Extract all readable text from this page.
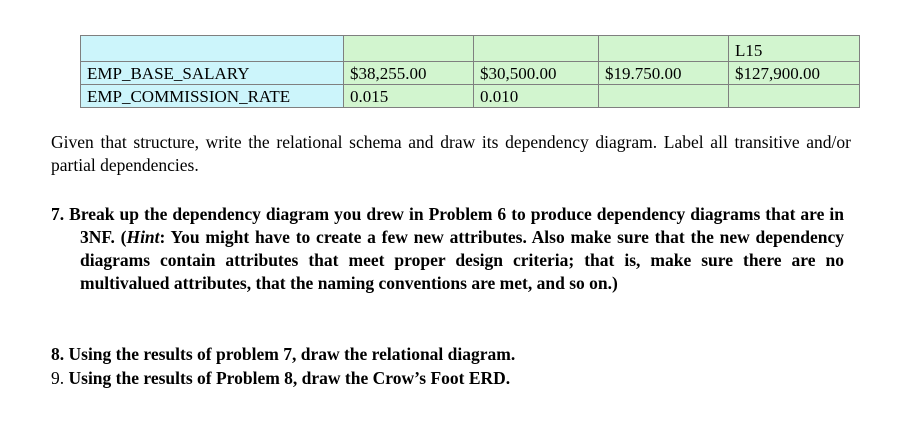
				L15
EMP_BASE_SALARY	$38,255.00	$30,500.00	$19.750.00	$127,900.00
EMP_COMMISSION_RATE	0.015	0.010		

Given that structure, write the relational schema and draw its dependency diagram. Label all transitive and/or partial dependencies.

7. Break up the dependency diagram you drew in Problem 6 to produce dependency diagrams that are in 3NF. (Hint: You might have to create a few new attributes. Also make sure that the new dependency diagrams contain attributes that meet proper design criteria; that is, make sure there are no multivalued attributes, that the naming conventions are met, and so on.)

8. Using the results of problem 7, draw the relational diagram.

9. Using the results of Problem 8, draw the Crow’s Foot ERD.
